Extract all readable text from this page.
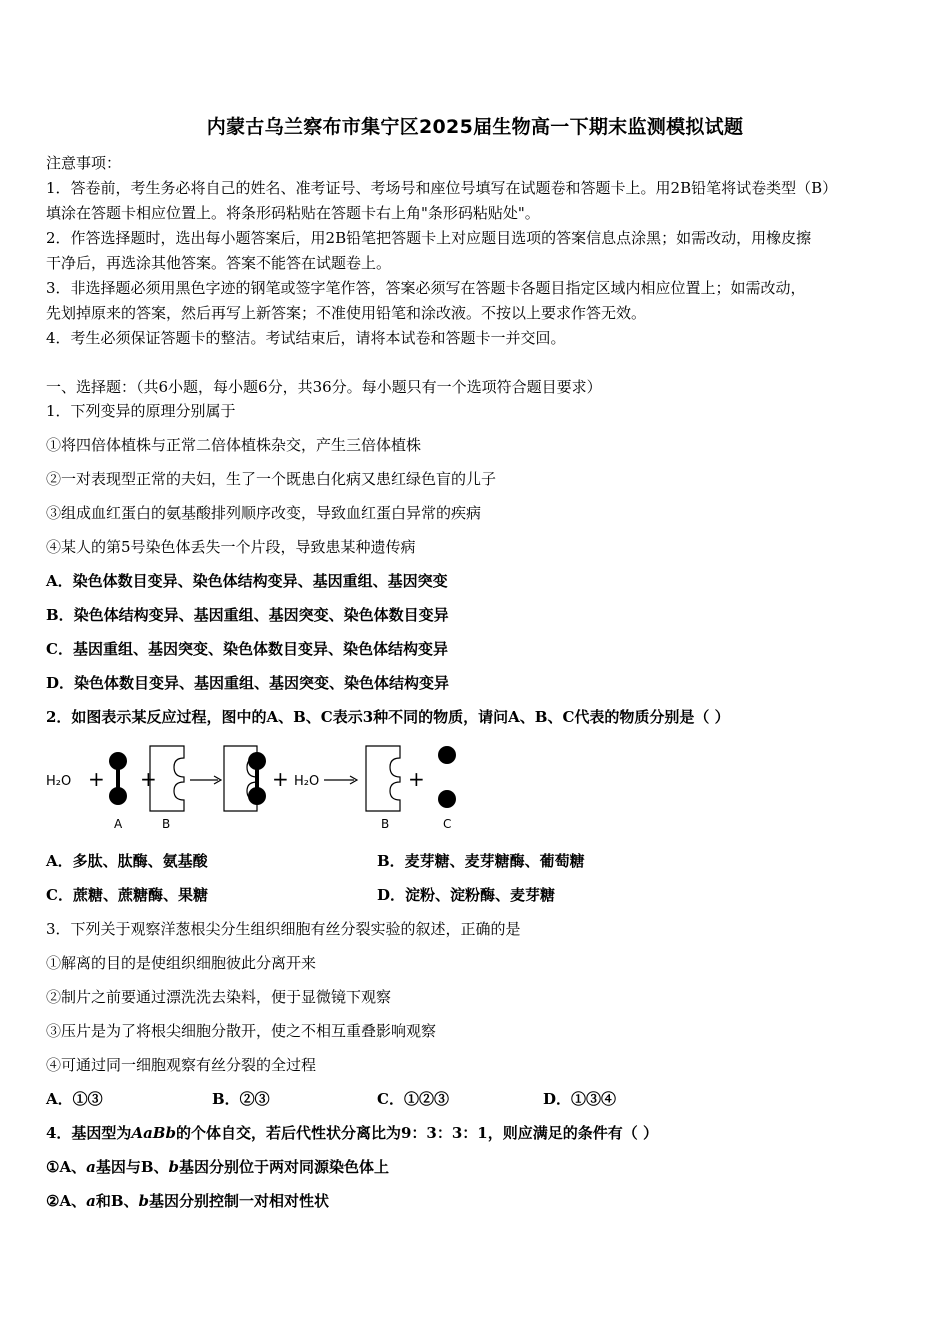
内蒙古乌兰察布市集宁区2025届生物高一下期末监测模拟试题
注意事项：
1．答卷前，考生务必将自己的姓名、准考证号、考场号和座位号填写在试题卷和答题卡上。用2B铅笔将试卷类型（B）
填涂在答题卡相应位置上。将条形码粘贴在答题卡右上角"条形码粘贴处"。
2．作答选择题时，选出每小题答案后，用2B铅笔把答题卡上对应题目选项的答案信息点涂黑；如需改动，用橡皮擦
干净后，再选涂其他答案。答案不能答在试题卷上。
3．非选择题必须用黑色字迹的钢笔或签字笔作答，答案必须写在答题卡各题目指定区域内相应位置上；如需改动，
先划掉原来的答案，然后再写上新答案；不准使用铅笔和涂改液。不按以上要求作答无效。
4．考生必须保证答题卡的整洁。考试结束后，请将本试卷和答题卡一并交回。
一、选择题：（共6小题，每小题6分，共36分。每小题只有一个选项符合题目要求）
1．下列变异的原理分别属于
①将四倍体植株与正常二倍体植株杂交，产生三倍体植株
②一对表现型正常的夫妇，生了一个既患白化病又患红绿色盲的儿子
③组成血红蛋白的氨基酸排列顺序改变，导致血红蛋白异常的疾病
④某人的第5号染色体丢失一个片段，导致患某种遗传病
A．染色体数目变异、染色体结构变异、基因重组、基因突变
B．染色体结构变异、基因重组、基因突变、染色体数目变异
C．基因重组、基因突变、染色体数目变异、染色体结构变异
D．染色体数目变异、基因重组、基因突变、染色体结构变异
2．如图表示某反应过程，图中的A、B、C表示3种不同的物质，请问A、B、C代表的物质分别是（ ）
H₂O + +	+ H₂O	+
A	B	B	C
A．多肽、肽酶、氨基酸	B．麦芽糖、麦芽糖酶、葡萄糖
C．蔗糖、蔗糖酶、果糖	D．淀粉、淀粉酶、麦芽糖
3．下列关于观察洋葱根尖分生组织细胞有丝分裂实验的叙述，正确的是
①解离的目的是使组织细胞彼此分离开来
②制片之前要通过漂洗洗去染料，便于显微镜下观察
③压片是为了将根尖细胞分散开，使之不相互重叠影响观察
④可通过同一细胞观察有丝分裂的全过程
A．①③	B．②③	C．①②③	D．①③④
4．基因型为AaBb的个体自交，若后代性状分离比为9：3：3：1，则应满足的条件有（ ）
①A、a基因与B、b基因分别位于两对同源染色体上
②A、a和B、b基因分别控制一对相对性状
